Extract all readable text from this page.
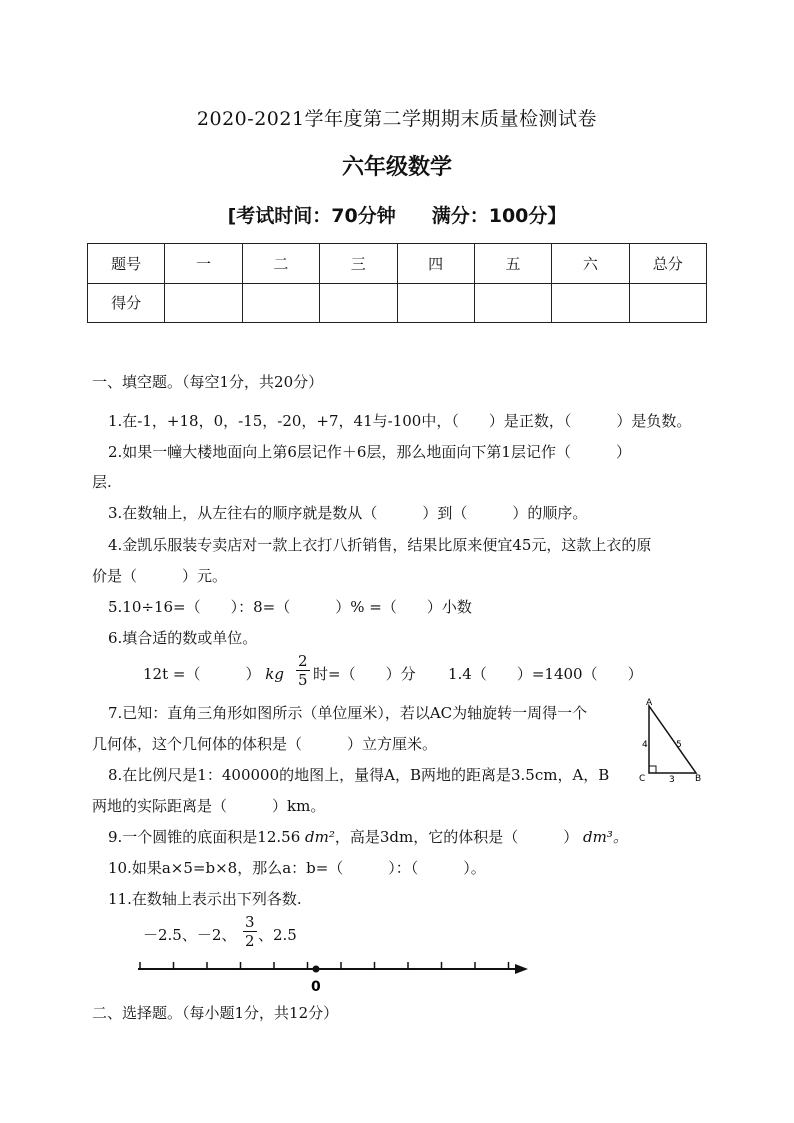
2020-2021学年度第二学期期末质量检测试卷
六年级数学
[考试时间：70分钟 满分：100分】
题号	一	二	三	四	五	六	总分
得分							
一、填空题。（每空1分，共20分）
1.在-1，+18，0，-15，-20，+7，41与-100中，（　　）是正数，（　　　）是负数。
2.如果一幢大楼地面向上第6层记作＋6层，那么地面向下第1层记作（　　　）
层.
3.在数轴上，从左往右的顺序就是数从（　　　）到（　　　）的顺序。
4.金凯乐服装专卖店对一款上衣打八折销售，结果比原来便宜45元，这款上衣的原
价是（　　　）元。
5.10÷16=（　　）：8=（　　　）% =（　　）小数
6.填合适的数或单位。
12t =（　　　） kg $\frac{2}{5}$ 时=（　　）分 1.4（　　）=1400（　　）
7.已知：直角三角形如图所示（单位厘米），若以AC为轴旋转一周得一个
几何体，这个几何体的体积是（　　　）立方厘米。
A
C	B
4	5
3
8.在比例尺是1：400000的地图上，量得A，B两地的距离是3.5cm，A，B
两地的实际距离是（　　　）km。
9.一个圆锥的底面积是12.56 dm²，高是3dm，它的体积是（　　　） dm³。
10.如果a×5=b×8，那么a：b=（　　　）：（　　　）。
11.在数轴上表示出下列各数.
－2.5、－2、 $\frac{3}{2}$ 、2.5
0
二、选择题。（每小题1分，共12分）
